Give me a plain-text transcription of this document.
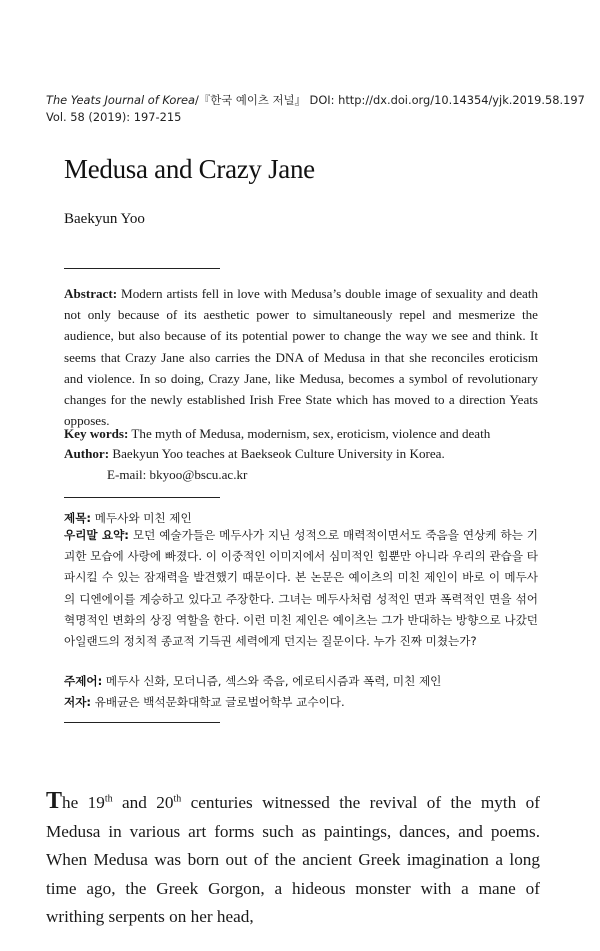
The Yeats Journal of Korea/『한국 예이츠 저널』 DOI: http://dx.doi.org/10.14354/yjk.2019.58.197
Vol. 58 (2019): 197-215
Medusa and Crazy Jane
Baekyun Yoo

Abstract: Modern artists fell in love with Medusa’s double image of sexuality and death not only because of its aesthetic power to simultaneously repel and mesmerize the audience, but also because of its potential power to change the way we see and think. It seems that Crazy Jane also carries the DNA of Medusa in that she reconciles eroticism and violence. In so doing, Crazy Jane, like Medusa, becomes a symbol of revolutionary changes for the newly established Irish Free State which has moved to a direction Yeats opposes.

Key words: The myth of Medusa, modernism, sex, eroticism, violence and death
Author: Baekyun Yoo teaches at Baekseok Culture University in Korea.
E-mail: bkyoo@bscu.ac.kr
제목: 메두사와 미친 제인
우리말 요약: 모던 예술가들은 메두사가 지닌 성적으로 매력적이면서도 죽음을 연상케 하는 기괴한 모습에 사랑에 빠졌다. 이 이중적인 이미지에서 심미적인 힘뿐만 아니라 우리의 관습을 타파시킬 수 있는 잠재력을 발견했기 때문이다. 본 논문은 예이츠의 미친 제인이 바로 이 메두사의 디엔에이를 계승하고 있다고 주장한다. 그녀는 메두사처럼 성적인 면과 폭력적인 면을 섞어 혁명적인 변화의 상징 역할을 한다. 이런 미친 제인은 예이츠는 그가 반대하는 방향으로 나갔던 아일랜드의 정치적 종교적 기득권 세력에게 던지는 질문이다. 누가 진짜 미쳤는가?
주제어: 메두사 신화, 모더니즘, 섹스와 죽음, 에로티시즘과 폭력, 미친 제인
저자: 유배균은 백석문화대학교 글로벌어학부 교수이다.
The 19th and 20th centuries witnessed the revival of the myth of Medusa in various art forms such as paintings, dances, and poems. When Medusa was born out of the ancient Greek imagination a long time ago, the Greek Gorgon, a hideous monster with a mane of writhing serpents on her head,
